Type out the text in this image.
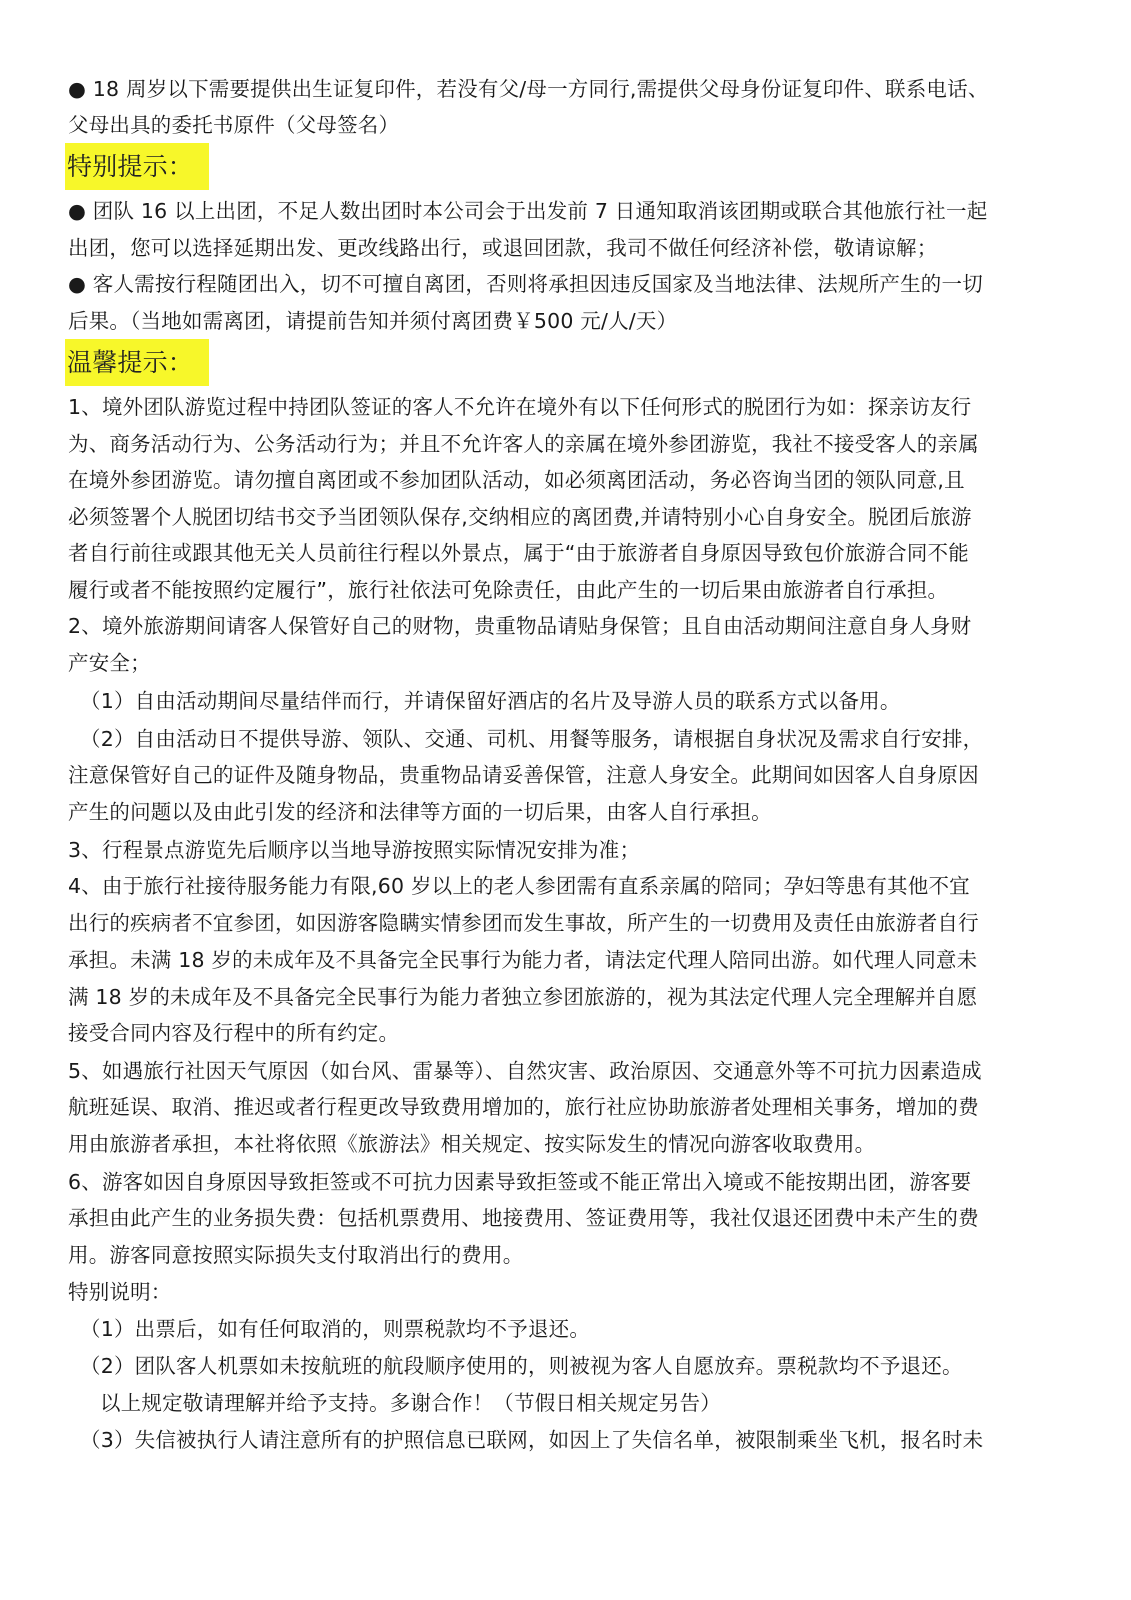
● 18 周岁以下需要提供出生证复印件，若没有父/母一方同行,需提供父母身份证复印件、联系电话、
父母出具的委托书原件（父母签名）
特别提示：
● 团队 16 以上出团，不足人数出团时本公司会于出发前 7 日通知取消该团期或联合其他旅行社一起
出团，您可以选择延期出发、更改线路出行，或退回团款，我司不做任何经济补偿，敬请谅解；
● 客人需按行程随团出入，切不可擅自离团，否则将承担因违反国家及当地法律、法规所产生的一切
后果。（当地如需离团，请提前告知并须付离团费￥500 元/人/天）
温馨提示：
1、境外团队游览过程中持团队签证的客人不允许在境外有以下任何形式的脱团行为如：探亲访友行
为、商务活动行为、公务活动行为；并且不允许客人的亲属在境外参团游览，我社不接受客人的亲属
在境外参团游览。请勿擅自离团或不参加团队活动，如必须离团活动，务必咨询当团的领队同意,且
必须签署个人脱团切结书交予当团领队保存,交纳相应的离团费,并请特别小心自身安全。脱团后旅游
者自行前往或跟其他无关人员前往行程以外景点，属于“由于旅游者自身原因导致包价旅游合同不能
履行或者不能按照约定履行”，旅行社依法可免除责任，由此产生的一切后果由旅游者自行承担。
2、境外旅游期间请客人保管好自己的财物，贵重物品请贴身保管；且自由活动期间注意自身人身财
产安全；
（1）自由活动期间尽量结伴而行，并请保留好酒店的名片及导游人员的联系方式以备用。
（2）自由活动日不提供导游、领队、交通、司机、用餐等服务，请根据自身状况及需求自行安排，
注意保管好自己的证件及随身物品，贵重物品请妥善保管，注意人身安全。此期间如因客人自身原因
产生的问题以及由此引发的经济和法律等方面的一切后果，由客人自行承担。
3、行程景点游览先后顺序以当地导游按照实际情况安排为准；
4、由于旅行社接待服务能力有限,60 岁以上的老人参团需有直系亲属的陪同；孕妇等患有其他不宜
出行的疾病者不宜参团，如因游客隐瞒实情参团而发生事故，所产生的一切费用及责任由旅游者自行
承担。未满 18 岁的未成年及不具备完全民事行为能力者，请法定代理人陪同出游。如代理人同意未
满 18 岁的未成年及不具备完全民事行为能力者独立参团旅游的，视为其法定代理人完全理解并自愿
接受合同内容及行程中的所有约定。
5、如遇旅行社因天气原因（如台风、雷暴等）、自然灾害、政治原因、交通意外等不可抗力因素造成
航班延误、取消、推迟或者行程更改导致费用增加的，旅行社应协助旅游者处理相关事务，增加的费
用由旅游者承担，本社将依照《旅游法》相关规定、按实际发生的情况向游客收取费用。
6、游客如因自身原因导致拒签或不可抗力因素导致拒签或不能正常出入境或不能按期出团，游客要
承担由此产生的业务损失费：包括机票费用、地接费用、签证费用等，我社仅退还团费中未产生的费
用。游客同意按照实际损失支付取消出行的费用。
特别说明：
（1）出票后，如有任何取消的，则票税款均不予退还。
（2）团队客人机票如未按航班的航段顺序使用的，则被视为客人自愿放弃。票税款均不予退还。
以上规定敬请理解并给予支持。多谢合作！（节假日相关规定另告）
（3）失信被执行人请注意所有的护照信息已联网，如因上了失信名单，被限制乘坐飞机，报名时未
